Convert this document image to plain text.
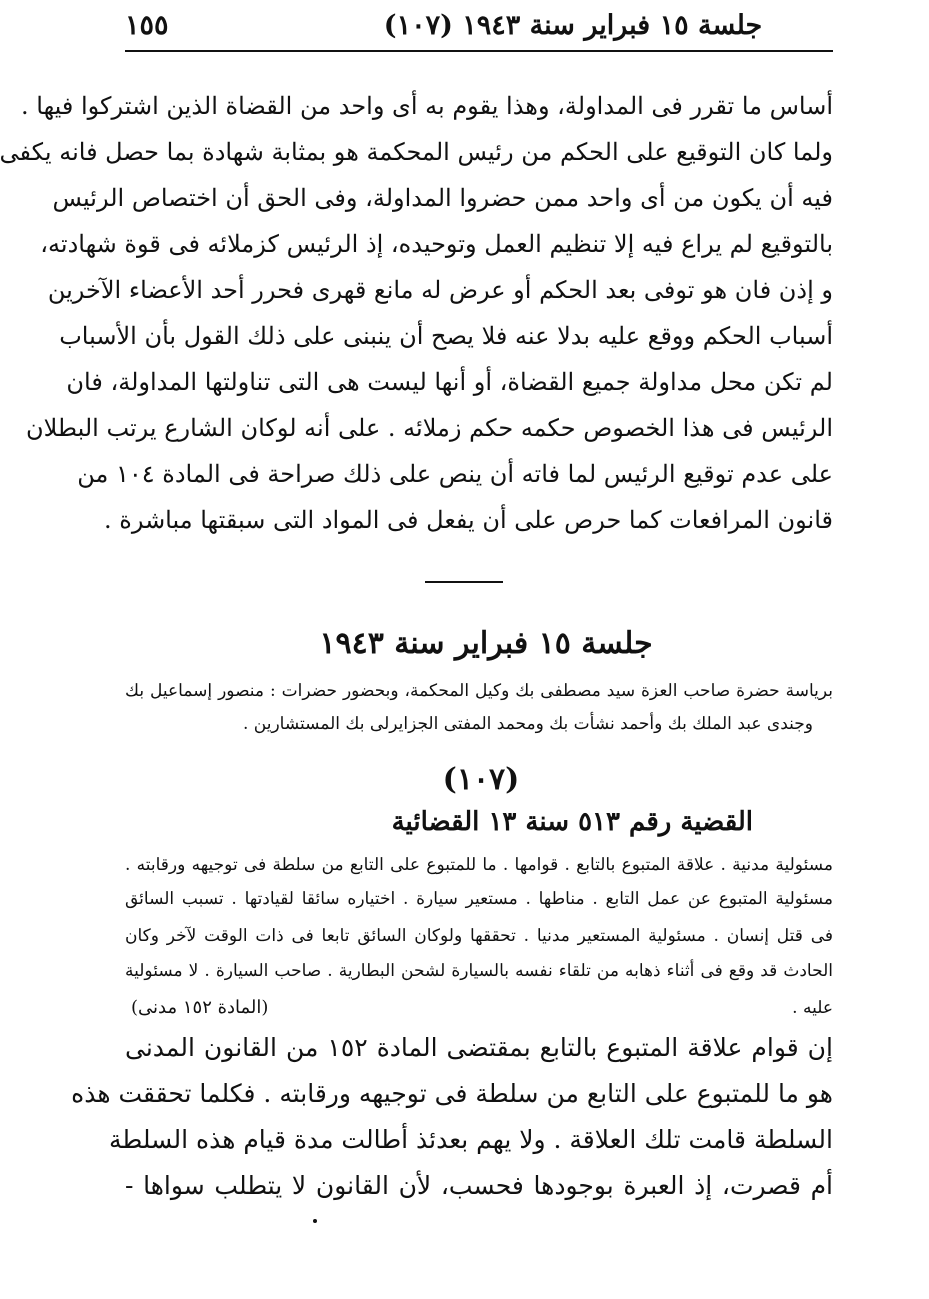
جلسة ١٥ فبراير سنة ١٩٤٣ (١٠٧)
١٥٥
أساس ما تقرر فى المداولة، وهذا يقوم به أى واحد من القضاة الذين اشتركوا فيها .
ولما كان التوقيع على الحكم من رئيس المحكمة هو بمثابة شهادة بما حصل فانه يكفى
فيه أن يكون من أى واحد ممن حضروا المداولة، وفى الحق أن اختصاص الرئيس
بالتوقيع لم يراع فيه إلا تنظيم العمل وتوحيده، إذ الرئيس كزملائه فى قوة شهادته،
و إذن فان هو توفى بعد الحكم أو عرض له مانع قهرى فحرر أحد الأعضاء الآخرين
أسباب الحكم ووقع عليه بدلا عنه فلا يصح أن ينبنى على ذلك القول بأن الأسباب
لم تكن محل مداولة جميع القضاة، أو أنها ليست هى التى تناولتها المداولة، فان
الرئيس فى هذا الخصوص حكمه حكم زملائه . على أنه لوكان الشارع يرتب البطلان
على عدم توقيع الرئيس لما فاته أن ينص على ذلك صراحة فى المادة ١٠٤ من
قانون المرافعات كما حرص على أن يفعل فى المواد التى سبقتها مباشرة .
جلسة ١٥ فبراير سنة ١٩٤٣
برياسة حضرة صاحب العزة سيد مصطفى بك وكيل المحكمة، وبحضور حضرات : منصور إسماعيل بك
وجندى عبد الملك بك وأحمد نشأت بك ومحمد المفتى الجزايرلى بك المستشارين .
(١٠٧)
القضية رقم ٥١٣ سنة ١٣ القضائية
مسئولية مدنية . علاقة المتبوع بالتابع . قوامها . ما للمتبوع على التابع من سلطة فى توجيهه ورقابته .
مسئولية المتبوع عن عمل التابع . مناطها . مستعير سيارة . اختياره سائقا لقيادتها . تسبب السائق
فى قتل إنسان . مسئولية المستعير مدنيا . تحققها ولوكان السائق تابعا فى ذات الوقت لآخر وكان
الحادث قد وقع فى أثناء ذهابه من تلقاء نفسه بالسيارة لشحن البطارية . صاحب السيارة . لا مسئولية
عليه .
(المادة ١٥٢ مدنى)
إن قوام علاقة المتبوع بالتابع بمقتضى المادة ١٥٢ من القانون المدنى
هو ما للمتبوع على التابع من سلطة فى توجيهه ورقابته . فكلما تحققت هذه
السلطة قامت تلك العلاقة . ولا يهم بعدئذ أطالت مدة قيام هذه السلطة
أم قصرت، إذ العبرة بوجودها فحسب، لأن القانون لا يتطلب سواها -
